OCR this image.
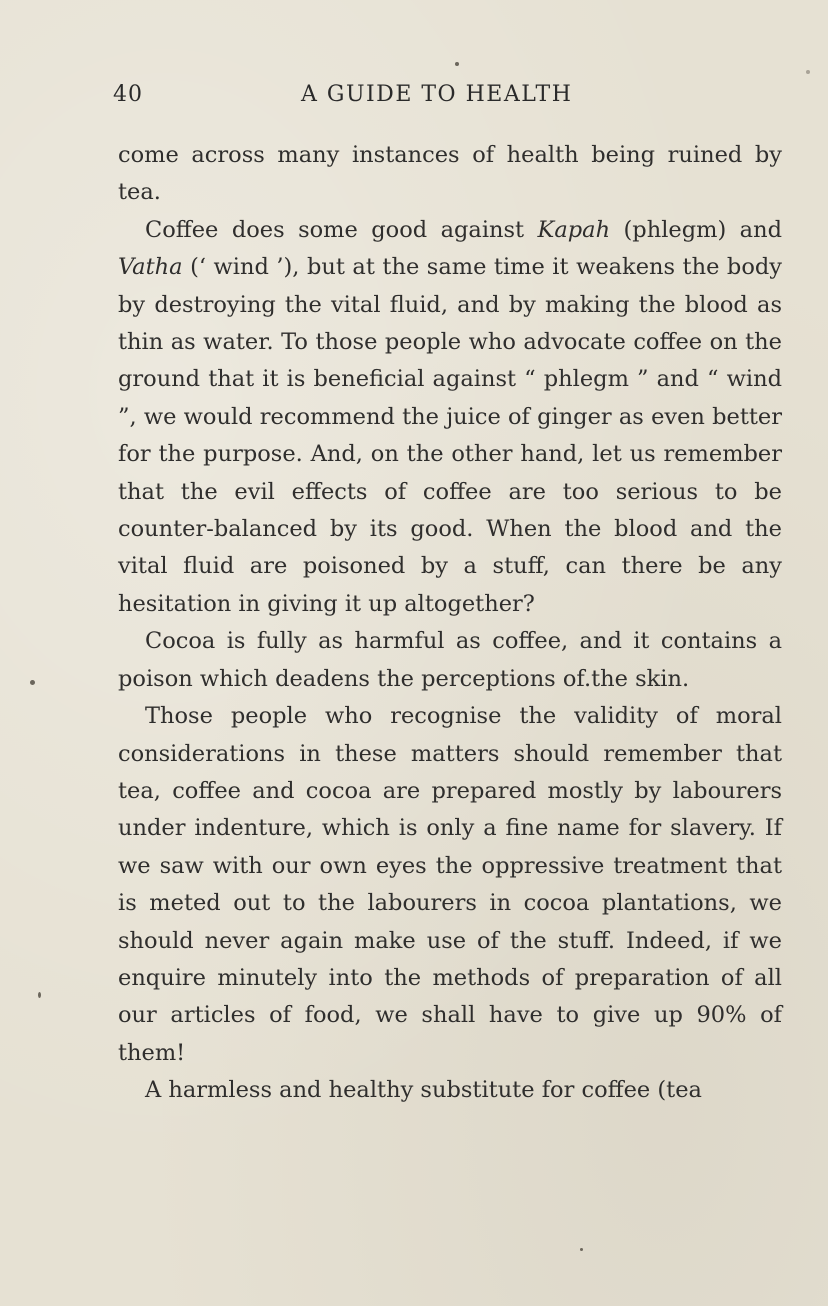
40	A GUIDE TO HEALTH

come across many instances of health being ruined by tea.

Coffee does some good against Kapah (phlegm) and Vatha (‘ wind ’), but at the same time it weakens the body by destroying the vital fluid, and by making the blood as thin as water. To those people who advocate coffee on the ground that it is beneficial against “ phlegm ” and “ wind ”, we would recommend the juice of ginger as even better for the purpose. And, on the other hand, let us remember that the evil effects of coffee are too serious to be counter-balanced by its good. When the blood and the vital fluid are poisoned by a stuff, can there be any hesitation in giving it up altogether?

Cocoa is fully as harmful as coffee, and it contains a poison which deadens the perceptions of.the skin.

Those people who recognise the validity of moral considerations in these matters should remember that tea, coffee and cocoa are prepared mostly by labourers under indenture, which is only a fine name for slavery. If we saw with our own eyes the oppressive treatment that is meted out to the labourers in cocoa plantations, we should never again make use of the stuff. Indeed, if we enquire minutely into the methods of preparation of all our articles of food, we shall have to give up 90% of them!

A harmless and healthy substitute for coffee (tea
